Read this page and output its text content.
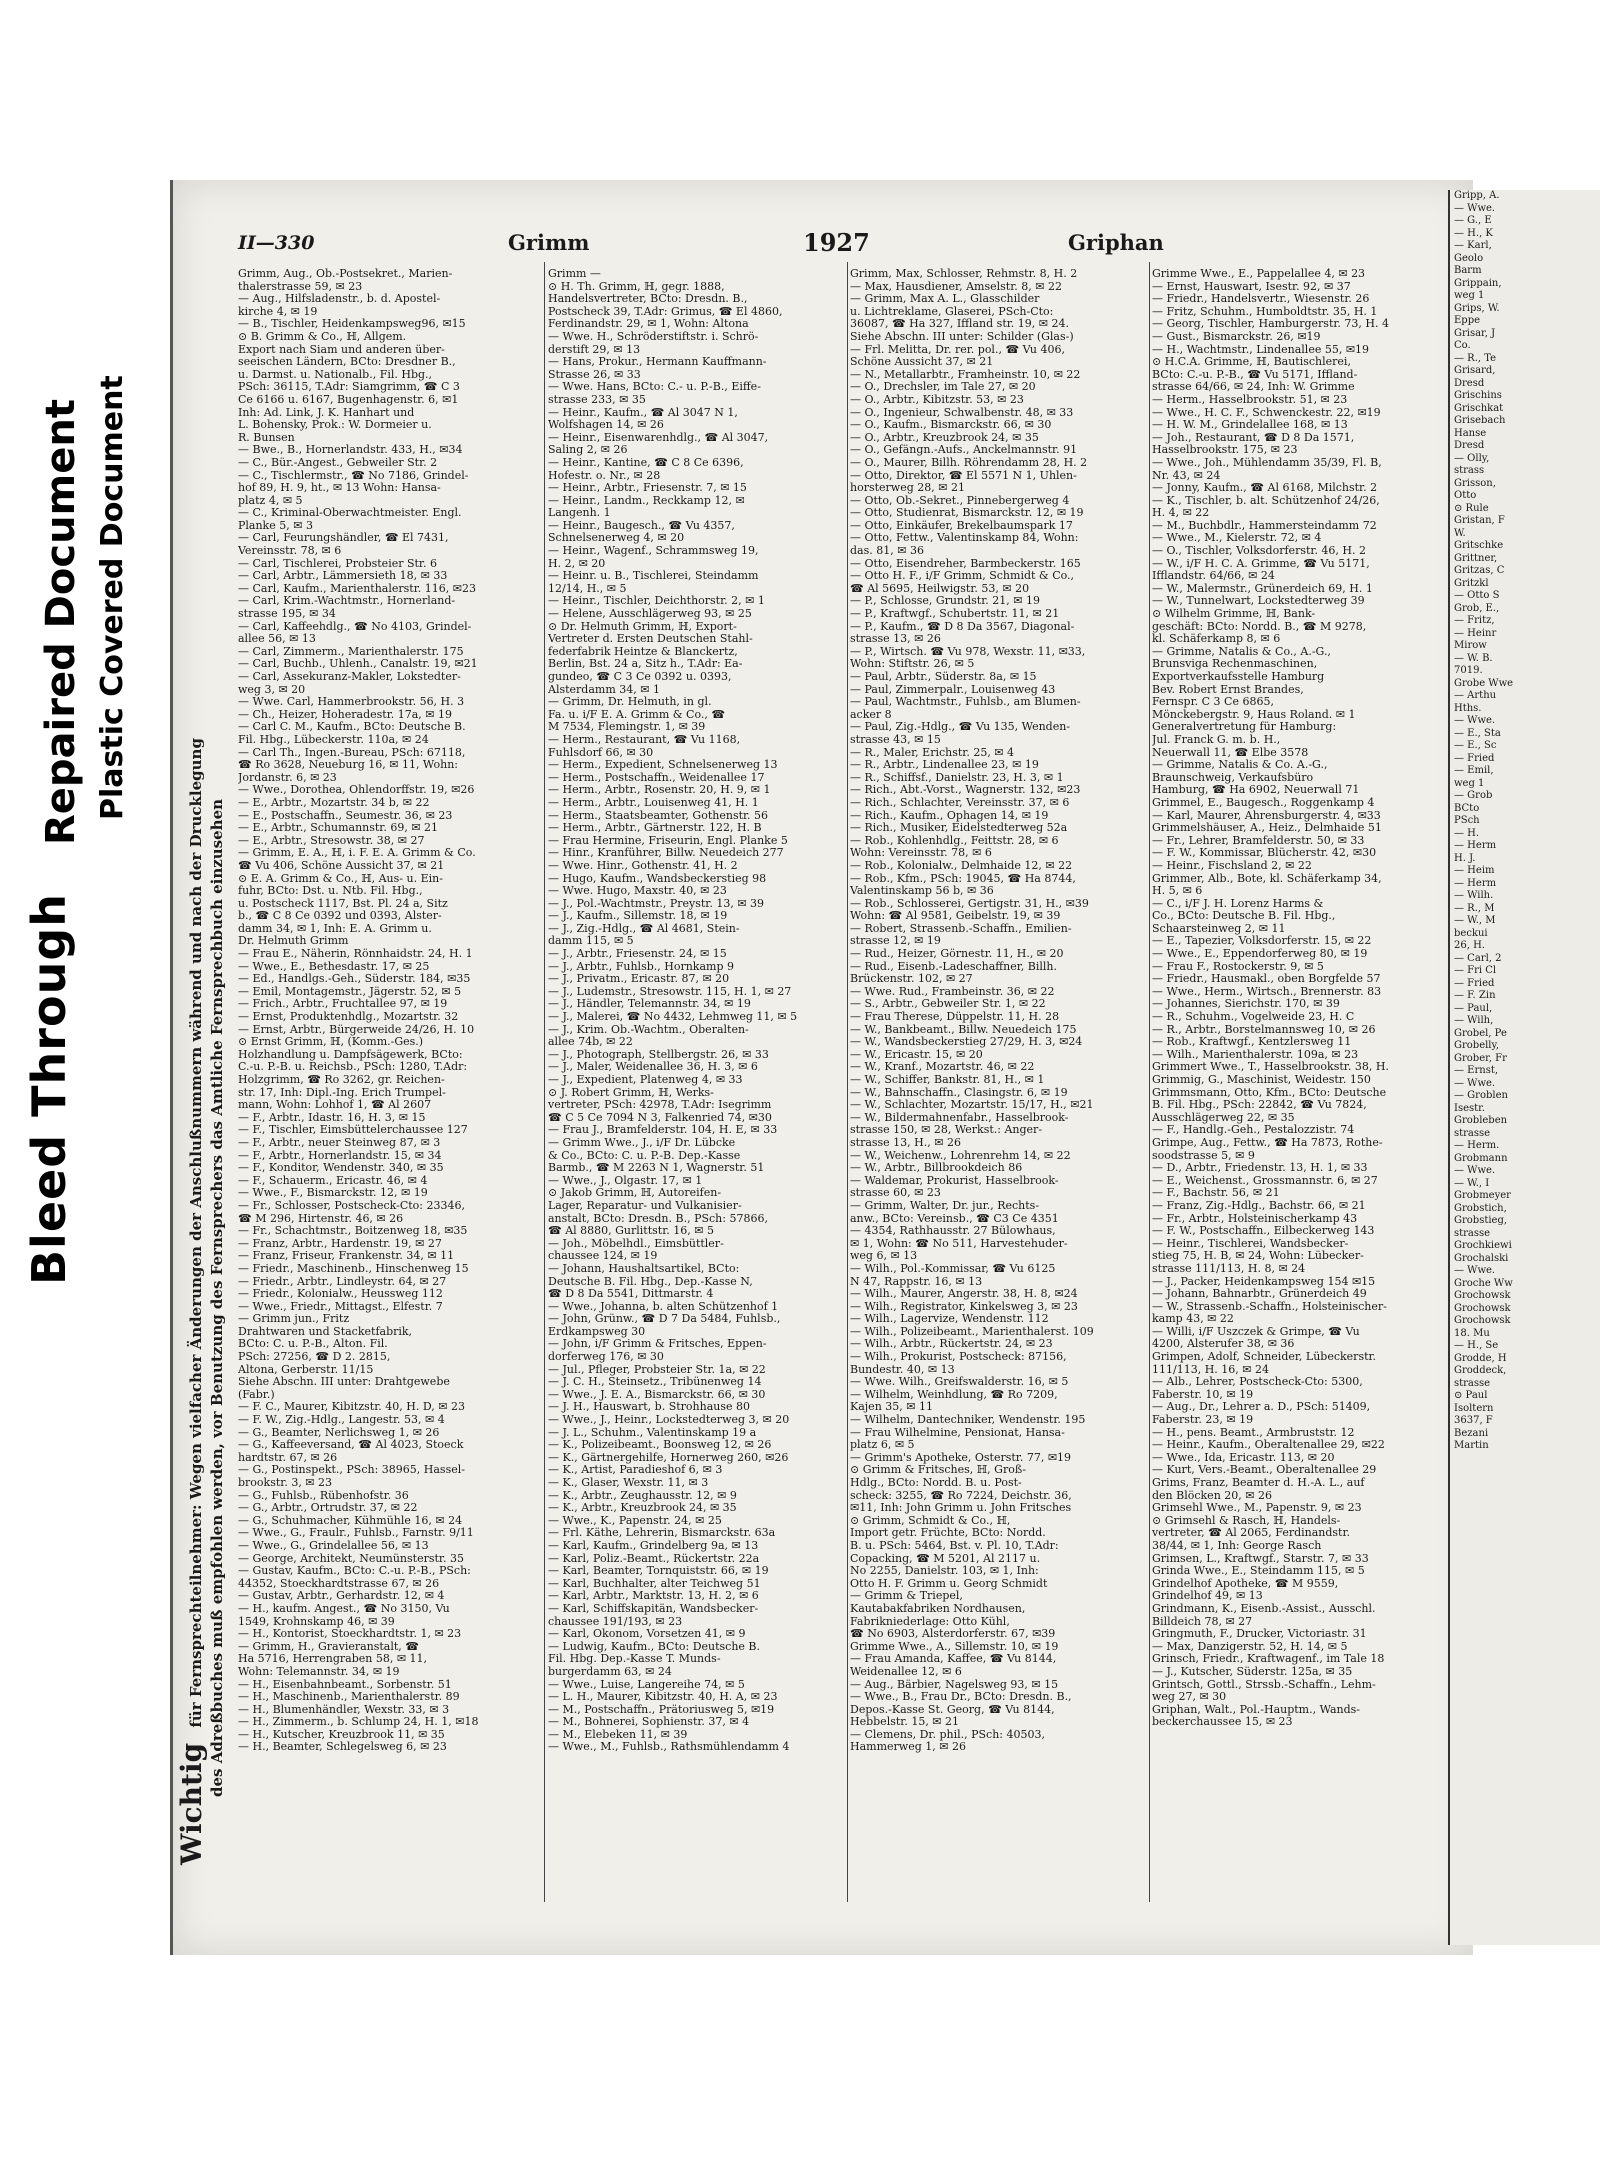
Bleed Through
Repaired Document Plastic Covered Document
Gripp, A.
— Wwe.
— G., E
— H., K
— Karl,
Geolo
Barm
Grippain,
weg 1
Grips, W.
Eppe
Grisar, J
Co.
— R., Te
Grisard,
Dresd
Grischins
Grischkat
Grisebach
Hanse
Dresd
— Olly,
strass
Grisson,
Otto
⊙ Rule
Gristan, F
W.
Gritschke
Grittner,
Gritzas, C
Gritzkl
— Otto S
Grob, E.,
— Fritz,
— Heinr
Mirow
— W. B.
7019.
Grobe Wwe
— Arthu
Hths.
— Wwe.
— E., Sta
— E., Sc
— Fried
— Emil,
weg 1
— Grob
BCto
PSch
— H.
— Herm
H. J.
— Heim
— Herm
— Wilh.
— R., M
— W., M
beckui
26, H.
— Carl, 2
— Fri Cl
— Fried
— F. Zin
— Paul,
— Wilh,
Grobel, Pe
Grobelly,
Grober, Fr
— Ernst,
— Wwe.
— Groblen
Isestr.
Grobleben
strasse
— Herm.
Grobmann
— Wwe.
— W., I
Grobmeyer
Grobstich,
Grobstieg,
strasse
Grochkiewi
Grochalski
— Wwe.
Groche Ww
Grochowsk
Grochowsk
Grochowsk
18. Mu
— H., Se
Grodde, H
Groddeck,
strasse
⊙ Paul
Isoltern
3637, F
Bezani
Martin
Wichtig für Fernsprechteilnehmer: Wegen vielfacher Änderungen der Anschlußnummern während und nach der Drucklegung des Adreßbuches muß empfohlen werden, vor Benutzung des Fernsprechers das Amtliche Fernsprechbuch einzusehen
II—330	Grimm	1927	Griphan
Grimm, Aug., Ob.-Postsekret., Marien-
thalerstrasse 59, ✉ 23
— Aug., Hilfsladenstr., b. d. Apostel-
kirche 4, ✉ 19
— B., Tischler, Heidenkampsweg96, ✉15
⊙ B. Grimm & Co., ℍ, Allgem.
Export nach Siam und anderen über-
seeischen Ländern, BCto: Dresdner B.,
u. Darmst. u. Nationalb., Fil. Hbg.,
PSch: 36115, T.Adr: Siamgrimm, ☎ C 3
Ce 6166 u. 6167, Bugenhagenstr. 6, ✉1
Inh: Ad. Link, J. K. Hanhart und
L. Bohensky, Prok.: W. Dormeier u.
R. Bunsen
— Bwe., B., Hornerlandstr. 433, H., ✉34
— C., Bür.-Angest., Gebweiler Str. 2
— C., Tischlermstr., ☎ No 7186, Grindel-
hof 89, H. 9, ht., ✉ 13 Wohn: Hansa-
platz 4, ✉ 5
— C., Kriminal-Oberwachtmeister. Engl.
Planke 5, ✉ 3
— Carl, Feurungshändler, ☎ El 7431,
Vereinsstr. 78, ✉ 6
— Carl, Tischlerei, Probsteier Str. 6
— Carl, Arbtr., Lämmersieth 18, ✉ 33
— Carl, Kaufm., Marienthalerstr. 116, ✉23
— Carl, Krim.-Wachtmstr., Hornerland-
strasse 195, ✉ 34
— Carl, Kaffeehdlg., ☎ No 4103, Grindel-
allee 56, ✉ 13
— Carl, Zimmerm., Marienthalerstr. 175
— Carl, Buchb., Uhlenh., Canalstr. 19, ✉21
— Carl, Assekuranz-Makler, Lokstedter-
weg 3, ✉ 20
— Wwe. Carl, Hammerbrookstr. 56, H. 3
— Ch., Heizer, Hoheradestr. 17a, ✉ 19
— Carl C. M., Kaufm., BCto: Deutsche B.
Fil. Hbg., Lübeckerstr. 110a, ✉ 24
— Carl Th., Ingen.-Bureau, PSch: 67118,
☎ Ro 3628, Neueburg 16, ✉ 11, Wohn:
Jordanstr. 6, ✉ 23
— Wwe., Dorothea, Ohlendorffstr. 19, ✉26
— E., Arbtr., Mozartstr. 34 b, ✉ 22
— E., Postschaffn., Seumestr. 36, ✉ 23
— E., Arbtr., Schumannstr. 69, ✉ 21
— E., Arbtr., Stresowstr. 38, ✉ 27
— Grimm, E. A., ℍ, i. F. E. A. Grimm & Co.
☎ Vu 406, Schöne Aussicht 37, ✉ 21
⊙ E. A. Grimm & Co., ℍ, Aus- u. Ein-
fuhr, BCto: Dst. u. Ntb. Fil. Hbg.,
u. Postscheck 1117, Bst. Pl. 24 a, Sitz
b., ☎ C 8 Ce 0392 und 0393, Alster-
damm 34, ✉ 1, Inh: E. A. Grimm u.
Dr. Helmuth Grimm
— Frau E., Näherin, Rönnhaidstr. 24, H. 1
— Wwe., E., Bethesdastr. 17, ✉ 25
— Ed., Handlgs.-Geh., Süderstr. 184, ✉35
— Emil, Montagemstr., Jägerstr. 52, ✉ 5
— Frich., Arbtr., Fruchtallee 97, ✉ 19
— Ernst, Produktenhdlg., Mozartstr. 32
— Ernst, Arbtr., Bürgerweide 24/26, H. 10
⊙ Ernst Grimm, ℍ, (Komm.-Ges.)
Holzhandlung u. Dampfsägewerk, BCto:
C.-u. P.-B. u. Reichsb., PSch: 1280, T.Adr:
Holzgrimm, ☎ Ro 3262, gr. Reichen-
str. 17, Inh: Dipl.-Ing. Erich Trumpel-
mann, Wohn: Lohhof 1, ☎ Al 2607
— F., Arbtr., Idastr. 16, H. 3, ✉ 15
— F., Tischler, Eimsbüttelerchaussee 127
— F., Arbtr., neuer Steinweg 87, ✉ 3
— F., Arbtr., Hornerlandstr. 15, ✉ 34
— F., Konditor, Wendenstr. 340, ✉ 35
— F., Schauerm., Ericastr. 46, ✉ 4
— Wwe., F., Bismarckstr. 12, ✉ 19
— Fr., Schlosser, Postscheck-Cto: 23346,
☎ M 296, Hirtenstr. 46, ✉ 26
— Fr., Schachtmstr., Boitzenweg 18, ✉35
— Franz, Arbtr., Hardenstr. 19, ✉ 27
— Franz, Friseur, Frankenstr. 34, ✉ 11
— Friedr., Maschinenb., Hinschenweg 15
— Friedr., Arbtr., Lindleystr. 64, ✉ 27
— Friedr., Kolonialw., Heussweg 112
— Wwe., Friedr., Mittagst., Elfestr. 7
— Grimm jun., Fritz
Drahtwaren und Stacketfabrik,
BCto: C. u. P.-B., Alton. Fil.
PSch: 27256, ☎ D 2. 2815,
Altona, Gerberstr. 11/15
Siehe Abschn. III unter: Drahtgewebe
(Fabr.)
— F. C., Maurer, Kibitzstr. 40, H. D, ✉ 23
— F. W., Zig.-Hdlg., Langestr. 53, ✉ 4
— G., Beamter, Nerlichsweg 1, ✉ 26
— G., Kaffeeversand, ☎ Al 4023, Stoeck
hardtstr. 67, ✉ 26
— G., Postinspekt., PSch: 38965, Hassel-
brookstr. 3, ✉ 23
— G., Fuhlsb., Rübenhofstr. 36
— G., Arbtr., Ortrudstr. 37, ✉ 22
— G., Schuhmacher, Kühmühle 16, ✉ 24
— Wwe., G., Fraulr., Fuhlsb., Farnstr. 9/11
— Wwe., G., Grindelallee 56, ✉ 13
— George, Architekt, Neumünsterstr. 35
— Gustav, Kaufm., BCto: C.-u. P.-B., PSch:
44352, Stoeckhardtstrasse 67, ✉ 26
— Gustav, Arbtr., Gerhardstr. 12, ✉ 4
— H., kaufm. Angest., ☎ No 3150, Vu
1549, Krohnskamp 46, ✉ 39
— H., Kontorist, Stoeckhardtstr. 1, ✉ 23
— Grimm, H., Gravieranstalt, ☎
Ha 5716, Herrengraben 58, ✉ 11,
Wohn: Telemannstr. 34, ✉ 19
— H., Eisenbahnbeamt., Sorbenstr. 51
— H., Maschinenb., Marienthalerstr. 89
— H., Blumenhändler, Wexstr. 33, ✉ 3
— H., Zimmerm., b. Schlump 24, H. 1, ✉18
— H., Kutscher, Kreuzbrook 11, ✉ 35
— H., Beamter, Schlegelsweg 6, ✉ 23
Grimm —
⊙ H. Th. Grimm, ℍ, gegr. 1888,
Handelsvertreter, BCto: Dresdn. B.,
Postscheck 39, T.Adr: Grimus, ☎ El 4860,
Ferdinandstr. 29, ✉ 1, Wohn: Altona
— Wwe. H., Schröderstiftstr. i. Schrö-
derstift 29, ✉ 13
— Hans, Prokur., Hermann Kauffmann-
Strasse 26, ✉ 33
— Wwe. Hans, BCto: C.- u. P.-B., Eiffe-
strasse 233, ✉ 35
— Heinr., Kaufm., ☎ Al 3047 N 1,
Wolfshagen 14, ✉ 26
— Heinr., Eisenwarenhdlg., ☎ Al 3047,
Saling 2, ✉ 26
— Heinr., Kantine, ☎ C 8 Ce 6396,
Hofestr. o. Nr., ✉ 28
— Heinr., Arbtr., Friesenstr. 7, ✉ 15
— Heinr., Landm., Reckkamp 12, ✉
Langenh. 1
— Heinr., Baugesch., ☎ Vu 4357,
Schnelsenerweg 4, ✉ 20
— Heinr., Wagenf., Schrammsweg 19,
H. 2, ✉ 20
— Heinr. u. B., Tischlerei, Steindamm
12/14, H., ✉ 5
— Heinr., Tischler, Deichthorstr. 2, ✉ 1
— Helene, Ausschlägerweg 93, ✉ 25
⊙ Dr. Helmuth Grimm, ℍ, Export-
Vertreter d. Ersten Deutschen Stahl-
federfabrik Heintze & Blanckertz,
Berlin, Bst. 24 a, Sitz h., T.Adr: Ea-
gundeo, ☎ C 3 Ce 0392 u. 0393,
Alsterdamm 34, ✉ 1
— Grimm, Dr. Helmuth, in gl.
Fa. u. i/F E. A. Grimm & Co., ☎
M 7534, Flemingstr. 1, ✉ 39
— Herm., Restaurant, ☎ Vu 1168,
Fuhlsdorf 66, ✉ 30
— Herm., Expedient, Schnelsenerweg 13
— Herm., Postschaffn., Weidenallee 17
— Herm., Arbtr., Rosenstr. 20, H. 9, ✉ 1
— Herm., Arbtr., Louisenweg 41, H. 1
— Herm., Staatsbeamter, Gothenstr. 56
— Herm., Arbtr., Gärtnerstr. 122, H. B
— Frau Hermine, Friseurin, Engl. Planke 5
— Hinr., Kranführer, Billw. Neuedeich 277
— Wwe. Hinr., Gothenstr. 41, H. 2
— Hugo, Kaufm., Wandsbeckerstieg 98
— Wwe. Hugo, Maxstr. 40, ✉ 23
— J., Pol.-Wachtmstr., Preystr. 13, ✉ 39
— J., Kaufm., Sillemstr. 18, ✉ 19
— J., Zig.-Hdlg., ☎ Al 4681, Stein-
damm 115, ✉ 5
— J., Arbtr., Friesenstr. 24, ✉ 15
— J., Arbtr., Fuhlsb., Hornkamp 9
— J., Privatm., Ericastr. 87, ✉ 20
— J., Ludemstr., Stresowstr. 115, H. 1, ✉ 27
— J., Händler, Telemannstr. 34, ✉ 19
— J., Malerei, ☎ No 4432, Lehmweg 11, ✉ 5
— J., Krim. Ob.-Wachtm., Oberalten-
allee 74b, ✉ 22
— J., Photograph, Stellbergstr. 26, ✉ 33
— J., Maler, Weidenallee 36, H. 3, ✉ 6
— J., Expedient, Platenweg 4, ✉ 33
⊙ J. Robert Grimm, ℍ, Werks-
vertreter, PSch: 42978, T.Adr: Isegrimm
☎ C 5 Ce 7094 N 3, Falkenried 74, ✉30
— Frau J., Bramfelderstr. 104, H. E, ✉ 33
— Grimm Wwe., J., i/F Dr. Lübcke
& Co., BCto: C. u. P.-B. Dep.-Kasse
Barmb., ☎ M 2263 N 1, Wagnerstr. 51
— Wwe., J., Olgastr. 17, ✉ 1
⊙ Jakob Grimm, ℍ, Autoreifen-
Lager, Reparatur- und Vulkanisier-
anstalt, BCto: Dresdn. B., PSch: 57866,
☎ Al 8880, Gurlittstr. 16, ✉ 5
— Joh., Möbelhdl., Eimsbüttler-
chaussee 124, ✉ 19
— Johann, Haushaltsartikel, BCto:
Deutsche B. Fil. Hbg., Dep.-Kasse N,
☎ D 8 Da 5541, Dittmarstr. 4
— Wwe., Johanna, b. alten Schützenhof 1
— John, Grünw., ☎ D 7 Da 5484, Fuhlsb.,
Erdkampsweg 30
— John, i/F Grimm & Fritsches, Eppen-
dorferweg 176, ✉ 30
— Jul., Pfleger, Probsteier Str. 1a, ✉ 22
— J. C. H., Steinsetz., Tribünenweg 14
— Wwe., J. E. A., Bismarckstr. 66, ✉ 30
— J. H., Hauswart, b. Strohhause 80
— Wwe., J., Heinr., Lockstedterweg 3, ✉ 20
— J. L., Schuhm., Valentinskamp 19 a
— K., Polizeibeamt., Boonsweg 12, ✉ 26
— K., Gärtnergehilfe, Hornerweg 260, ✉26
— K., Artist, Paradieshof 6, ✉ 3
— K., Glaser, Wexstr. 11, ✉ 3
— K., Arbtr., Zeughausstr. 12, ✉ 9
— K., Arbtr., Kreuzbrook 24, ✉ 35
— Wwe., K., Papenstr. 24, ✉ 25
— Frl. Käthe, Lehrerin, Bismarckstr. 63a
— Karl, Kaufm., Grindelberg 9a, ✉ 13
— Karl, Poliz.-Beamt., Rückertstr. 22a
— Karl, Beamter, Tornquiststr. 66, ✉ 19
— Karl, Buchhalter, alter Teichweg 51
— Karl, Arbtr., Marktstr. 13, H. 2, ✉ 6
— Karl, Schiffskapitän, Wandsbecker-
chaussee 191/193, ✉ 23
— Karl, Ökonom, Vorsetzen 41, ✉ 9
— Ludwig, Kaufm., BCto: Deutsche B.
Fil. Hbg. Dep.-Kasse T. Munds-
burgerdamm 63, ✉ 24
— Wwe., Luise, Langereihe 74, ✉ 5
— L. H., Maurer, Kibitzstr. 40, H. A, ✉ 23
— M., Postschaffn., Prätoriusweg 5, ✉19
— M., Bohnerei, Sophienstr. 37, ✉ 4
— M., Elebeken 11, ✉ 39
— Wwe., M., Fuhlsb., Rathsmühlendamm 4
Grimm, Max, Schlosser, Rehmstr. 8, H. 2
— Max, Hausdiener, Amselstr. 8, ✉ 22
— Grimm, Max A. L., Glasschilder
u. Lichtreklame, Glaserei, PSch-Cto:
36087, ☎ Ha 327, Iffland str. 19, ✉ 24.
Siehe Abschn. III unter: Schilder (Glas-)
— Frl. Melitta, Dr. rer. pol., ☎ Vu 406,
Schöne Aussicht 37, ✉ 21
— N., Metallarbtr., Framheinstr. 10, ✉ 22
— O., Drechsler, im Tale 27, ✉ 20
— O., Arbtr., Kibitzstr. 53, ✉ 23
— O., Ingenieur, Schwalbenstr. 48, ✉ 33
— O., Kaufm., Bismarckstr. 66, ✉ 30
— O., Arbtr., Kreuzbrook 24, ✉ 35
— O., Gefängn.-Aufs., Anckelmannstr. 91
— O., Maurer, Billh. Röhrendamm 28, H. 2
— Otto, Direktor, ☎ El 5571 N 1, Uhlen-
horsterweg 28, ✉ 21
— Otto, Ob.-Sekret., Pinnebergerweg 4
— Otto, Studienrat, Bismarckstr. 12, ✉ 19
— Otto, Einkäufer, Brekelbaumspark 17
— Otto, Fettw., Valentinskamp 84, Wohn:
das. 81, ✉ 36
— Otto, Eisendreher, Barmbeckerstr. 165
— Otto H. F., i/F Grimm, Schmidt & Co.,
☎ Al 5695, Heilwigstr. 53, ✉ 20
— P., Schlosse, Grundstr. 21, ✉ 19
— P., Kraftwgf., Schubertstr. 11, ✉ 21
— P., Kaufm., ☎ D 8 Da 3567, Diagonal-
strasse 13, ✉ 26
— P., Wirtsch. ☎ Vu 978, Wexstr. 11, ✉33,
Wohn: Stiftstr. 26, ✉ 5
— Paul, Arbtr., Süderstr. 8a, ✉ 15
— Paul, Zimmerpalr., Louisenweg 43
— Paul, Wachtmstr., Fuhlsb., am Blumen-
acker 8
— Paul, Zig.-Hdlg., ☎ Vu 135, Wenden-
strasse 43, ✉ 15
— R., Maler, Erichstr. 25, ✉ 4
— R., Arbtr., Lindenallee 23, ✉ 19
— R., Schiffsf., Danielstr. 23, H. 3, ✉ 1
— Rich., Abt.-Vorst., Wagnerstr. 132, ✉23
— Rich., Schlachter, Vereinsstr. 37, ✉ 6
— Rich., Kaufm., Ophagen 14, ✉ 19
— Rich., Musiker, Eidelstedterweg 52a
— Rob., Kohlenhdlg., Feittstr. 28, ✉ 6
Wohn: Vereinsstr. 78, ✉ 6
— Rob., Kolonialw., Delmhaide 12, ✉ 22
— Rob., Kfm., PSch: 19045, ☎ Ha 8744,
Valentinskamp 56 b, ✉ 36
— Rob., Schlosserei, Gertigstr. 31, H., ✉39
Wohn: ☎ Al 9581, Geibelstr. 19, ✉ 39
— Robert, Strassenb.-Schaffn., Emilien-
strasse 12, ✉ 19
— Rud., Heizer, Görnestr. 11, H., ✉ 20
— Rud., Eisenb.-Ladeschaffner, Billh.
Brückenstr. 102, ✉ 27
— Wwe. Rud., Frambeinstr. 36, ✉ 22
— S., Arbtr., Gebweiler Str. 1, ✉ 22
— Frau Therese, Düppelstr. 11, H. 28
— W., Bankbeamt., Billw. Neuedeich 175
— W., Wandsbeckerstieg 27/29, H. 3, ✉24
— W., Ericastr. 15, ✉ 20
— W., Kranf., Mozartstr. 46, ✉ 22
— W., Schiffer, Bankstr. 81, H., ✉ 1
— W., Bahnschaffn., Clasingstr. 6, ✉ 19
— W., Schlachter, Mozartstr. 15/17, H., ✉21
— W., Bildermahnenfabr., Hasselbrook-
strasse 150, ✉ 28, Werkst.: Anger-
strasse 13, H., ✉ 26
— W., Weichenw., Lohrenrehm 14, ✉ 22
— W., Arbtr., Billbrookdeich 86
— Waldemar, Prokurist, Hasselbrook-
strasse 60, ✉ 23
— Grimm, Walter, Dr. jur., Rechts-
anw., BCto: Vereinsb., ☎ C3 Ce 4351
— 4354, Rathhausstr. 27 Bülowhaus,
✉ 1, Wohn: ☎ No 511, Harvestehuder-
weg 6, ✉ 13
— Wilh., Pol.-Kommissar, ☎ Vu 6125
N 47, Rappstr. 16, ✉ 13
— Wilh., Maurer, Angerstr. 38, H. 8, ✉24
— Wilh., Registrator, Kinkelsweg 3, ✉ 23
— Wilh., Lagervize, Wendenstr. 112
— Wilh., Polizeibeamt., Marienthalerst. 109
— Wilh., Arbtr., Rückertstr. 24, ✉ 23
— Wilh., Prokurist, Postscheck: 87156,
Bundestr. 40, ✉ 13
— Wwe. Wilh., Greifswalderstr. 16, ✉ 5
— Wilhelm, Weinhdlung, ☎ Ro 7209,
Kajen 35, ✉ 11
— Wilhelm, Dantechniker, Wendenstr. 195
— Frau Wilhelmine, Pensionat, Hansa-
platz 6, ✉ 5
— Grimm's Apotheke, Osterstr. 77, ✉19
⊙ Grimm & Fritsches, ℍ, Groß-
Hdlg., BCto: Nordd. B. u. Post-
scheck: 3255, ☎ Ro 7224, Deichstr. 36,
✉11, Inh: John Grimm u. John Fritsches
⊙ Grimm, Schmidt & Co., ℍ,
Import getr. Früchte, BCto: Nordd.
B. u. PSch: 5464, Bst. v. Pl. 10, T.Adr:
Copacking, ☎ M 5201, Al 2117 u.
No 2255, Danielstr. 103, ✉ 1, Inh:
Otto H. F. Grimm u. Georg Schmidt
— Grimm & Triepel,
Kautabakfabriken Nordhausen,
Fabrikniederlage: Otto Kühl,
☎ No 6903, Alsterdorferstr. 67, ✉39
Grimme Wwe., A., Sillemstr. 10, ✉ 19
— Frau Amanda, Kaffee, ☎ Vu 8144,
Weidenallee 12, ✉ 6
— Aug., Bärbier, Nagelsweg 93, ✉ 15
— Wwe., B., Frau Dr., BCto: Dresdn. B.,
Depos.-Kasse St. Georg, ☎ Vu 8144,
Hebbelstr. 15, ✉ 21
— Clemens, Dr. phil., PSch: 40503,
Hammerweg 1, ✉ 26
Grimme Wwe., E., Pappelallee 4, ✉ 23
— Ernst, Hauswart, Isestr. 92, ✉ 37
— Friedr., Handelsvertr., Wiesenstr. 26
— Fritz, Schuhm., Humboldtstr. 35, H. 1
— Georg, Tischler, Hamburgerstr. 73, H. 4
— Gust., Bismarckstr. 26, ✉19
— H., Wachtmstr., Lindenallee 55, ✉19
⊙ H.C.A. Grimme, ℍ, Bautischlerei,
BCto: C.-u. P.-B., ☎ Vu 5171, Iffland-
strasse 64/66, ✉ 24, Inh: W. Grimme
— Herm., Hasselbrookstr. 51, ✉ 23
— Wwe., H. C. F., Schwenckestr. 22, ✉19
— H. W. M., Grindelallee 168, ✉ 13
— Joh., Restaurant, ☎ D 8 Da 1571,
Hasselbrookstr. 175, ✉ 23
— Wwe., Joh., Mühlendamm 35/39, Fl. B,
Nr. 43, ✉ 24
— Jonny, Kaufm., ☎ Al 6168, Milchstr. 2
— K., Tischler, b. alt. Schützenhof 24/26,
H. 4, ✉ 22
— M., Buchbdlr., Hammersteindamm 72
— Wwe., M., Kielerstr. 72, ✉ 4
— O., Tischler, Volksdorferstr. 46, H. 2
— W., i/F H. C. A. Grimme, ☎ Vu 5171,
Ifflandstr. 64/66, ✉ 24
— W., Malermstr., Grünerdeich 69, H. 1
— W., Tunnelwart, Lockstedterweg 39
⊙ Wilhelm Grimme, ℍ, Bank-
geschäft: BCto: Nordd. B., ☎ M 9278,
kl. Schäferkamp 8, ✉ 6
— Grimme, Natalis & Co., A.-G.,
Brunsviga Rechenmaschinen,
Exportverkaufsstelle Hamburg
Bev. Robert Ernst Brandes,
Fernspr. C 3 Ce 6865,
Mönckebergstr. 9, Haus Roland. ✉ 1
Generalvertretung für Hamburg:
Jul. Franck G. m. b. H.,
Neuerwall 11, ☎ Elbe 3578
— Grimme, Natalis & Co. A.-G.,
Braunschweig, Verkaufsbüro
Hamburg, ☎ Ha 6902, Neuerwall 71
Grimmel, E., Baugesch., Roggenkamp 4
— Karl, Maurer, Ahrensburgerstr. 4, ✉33
Grimmelshäuser, A., Heiz., Delmhaide 51
— Fr., Lehrer, Bramfelderstr. 50, ✉ 33
— F. W., Kommissar, Blücherstr. 42, ✉30
— Heinr., Fischsland 2, ✉ 22
Grimmer, Alb., Bote, kl. Schäferkamp 34,
H. 5, ✉ 6
— C., i/F J. H. Lorenz Harms &
Co., BCto: Deutsche B. Fil. Hbg.,
Schaarsteinweg 2, ✉ 11
— E., Tapezier, Volksdorferstr. 15, ✉ 22
— Wwe., E., Eppendorferweg 80, ✉ 19
— Frau F., Rostockerstr. 9, ✉ 5
— Friedr., Hausmakl., oben Borgfelde 57
— Wwe., Herm., Wirtsch., Brennerstr. 83
— Johannes, Sierichstr. 170, ✉ 39
— R., Schuhm., Vogelweide 23, H. C
— R., Arbtr., Borstelmannsweg 10, ✉ 26
— Rob., Kraftwgf., Kentzlersweg 11
— Wilh., Marienthalerstr. 109a, ✉ 23
Grimmert Wwe., T., Hasselbrookstr. 38, H.
Grimmig, G., Maschinist, Weidestr. 150
Grimmsmann, Otto, Kfm., BCto: Deutsche
B. Fil. Hbg., PSch: 22842, ☎ Vu 7824,
Ausschlägerweg 22, ✉ 35
— F., Handlg.-Geh., Pestalozzistr. 74
Grimpe, Aug., Fettw., ☎ Ha 7873, Rothe-
soodstrasse 5, ✉ 9
— D., Arbtr., Friedenstr. 13, H. 1, ✉ 33
— E., Weichenst., Grossmannstr. 6, ✉ 27
— F., Bachstr. 56, ✉ 21
— Franz, Zig.-Hdlg., Bachstr. 66, ✉ 21
— Fr., Arbtr., Holsteinischerkamp 43
— F. W., Postschaffn., Eilbeckerweg 143
— Heinr., Tischlerei, Wandsbecker-
stieg 75, H. B, ✉ 24, Wohn: Lübecker-
strasse 111/113, H. 8, ✉ 24
— J., Packer, Heidenkampsweg 154 ✉15
— Johann, Bahnarbtr., Grünerdeich 49
— W., Strassenb.-Schaffn., Holsteinischer-
kamp 43, ✉ 22
— Willi, i/F Uszczek & Grimpe, ☎ Vu
4200, Alsterufer 38, ✉ 36
Grimpen, Adolf, Schneider, Lübeckerstr.
111/113, H. 16, ✉ 24
— Alb., Lehrer, Postscheck-Cto: 5300,
Faberstr. 10, ✉ 19
— Aug., Dr., Lehrer a. D., PSch: 51409,
Faberstr. 23, ✉ 19
— H., pens. Beamt., Armbruststr. 12
— Heinr., Kaufm., Oberaltenallee 29, ✉22
— Wwe., Ida, Ericastr. 113, ✉ 20
— Kurt, Vers.-Beamt., Oberaltenallee 29
Grims, Franz, Beamter d. H.-A. L., auf
den Blöcken 20, ✉ 26
Grimsehl Wwe., M., Papenstr. 9, ✉ 23
⊙ Grimsehl & Rasch, ℍ, Handels-
vertreter, ☎ Al 2065, Ferdinandstr.
38/44, ✉ 1, Inh: George Rasch
Grimsen, L., Kraftwgf., Starstr. 7, ✉ 33
Grinda Wwe., E., Steindamm 115, ✉ 5
Grindelhof Apotheke, ☎ M 9559,
Grindelhof 49, ✉ 13
Grindmann, K., Eisenb.-Assist., Ausschl.
Billdeich 78, ✉ 27
Gringmuth, F., Drucker, Victoriastr. 31
— Max, Danzigerstr. 52, H. 14, ✉ 5
Grinsch, Friedr., Kraftwagenf., im Tale 18
— J., Kutscher, Süderstr. 125a, ✉ 35
Grintsch, Gottl., Strssb.-Schaffn., Lehm-
weg 27, ✉ 30
Griphan, Walt., Pol.-Hauptm., Wands-
beckerchaussee 15, ✉ 23
